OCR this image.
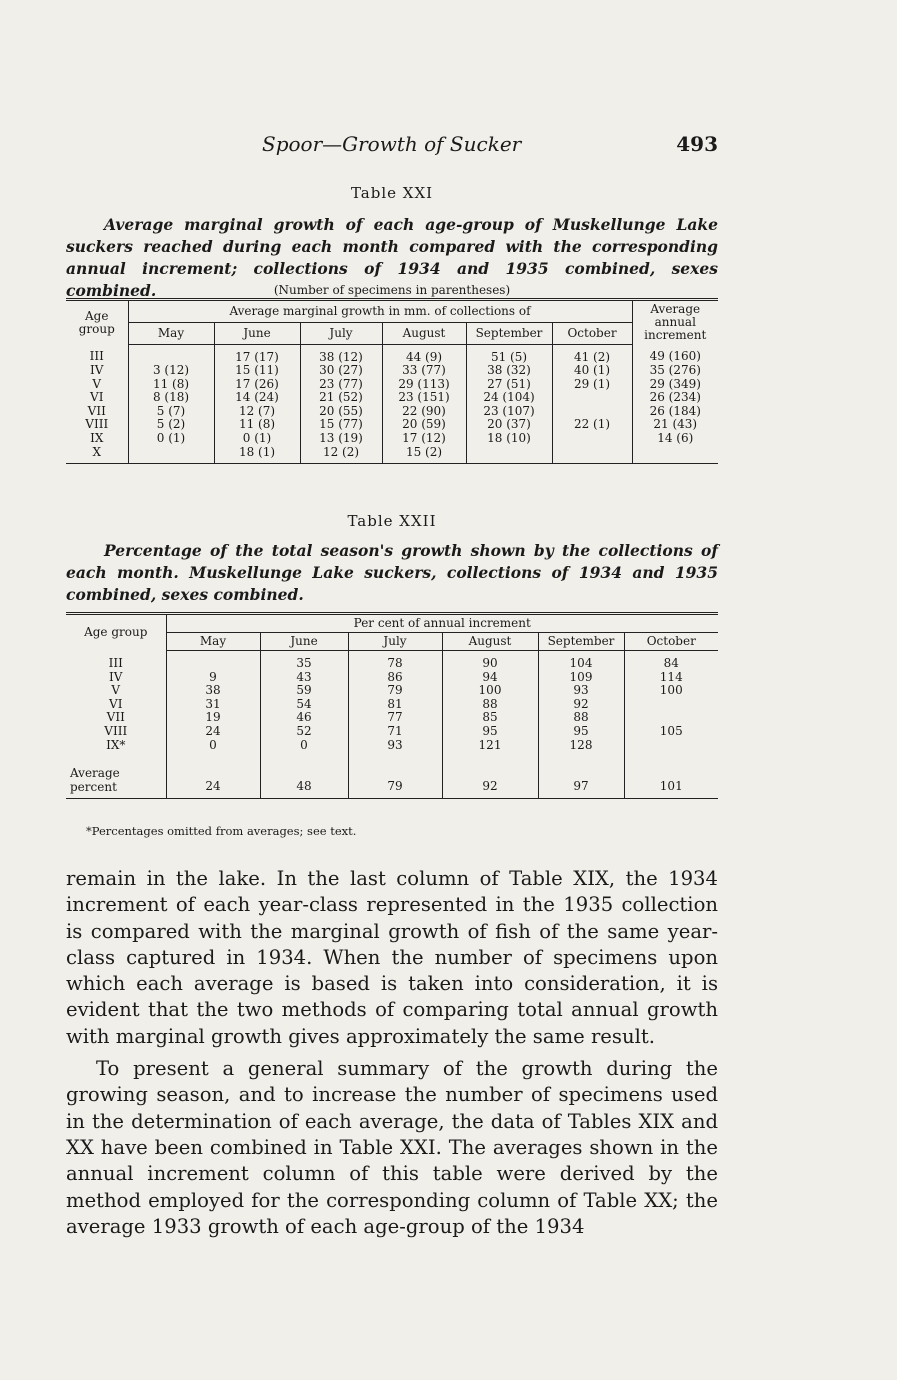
Spoor—Growth of Sucker	493
Table XXI
Average marginal growth of each age-group of Muskellunge Lake suckers reached during each month compared with the corresponding annual increment; collections of 1934 and 1935 combined, sexes combined.	(Number of specimens in parentheses)
Age group	Average marginal growth in mm. of collections of						Average annual increment
	May	June	July	August	September	October	
III		17 (17)	38 (12)	44 (9)	51 (5)	41 (2)	49 (160)
IV	3 (12)	15 (11)	30 (27)	33 (77)	38 (32)	40 (1)	35 (276)
V	11 (8)	17 (26)	23 (77)	29 (113)	27 (51)	29 (1)	29 (349)
VI	8 (18)	14 (24)	21 (52)	23 (151)	24 (104)		26 (234)
VII	5 (7)	12 (7)	20 (55)	22 (90)	23 (107)		26 (184)
VIII	5 (2)	11 (8)	15 (77)	20 (59)	20 (37)	22 (1)	21 (43)
IX	0 (1)	0 (1)	13 (19)	17 (12)	18 (10)		14 (6)
X		18 (1)	12 (2)	15 (2)			
Table XXII
Percentage of the total season's growth shown by the collections of each month. Muskellunge Lake suckers, collections of 1934 and 1935 combined, sexes combined.
Age group	Per cent of annual increment					
	May	June	July	August	September	October
III		35	78	90	104	84
IV	9	43	86	94	109	114
V	38	59	79	100	93	100
VI	31	54	81	88	92	
VII	19	46	77	85	88	
VIII	24	52	71	95	95	105
IX*	0	0	93	121	128	
Average percent	24	48	79	92	97	101
*Percentages omitted from averages; see text.

remain in the lake. In the last column of Table XIX, the 1934 increment of each year-class represented in the 1935 collection is compared with the marginal growth of fish of the same year-class captured in 1934. When the number of specimens upon which each average is based is taken into consideration, it is evident that the two methods of comparing total annual growth with marginal growth gives approximately the same result.

To present a general summary of the growth during the growing season, and to increase the number of specimens used in the determination of each average, the data of Tables XIX and XX have been combined in Table XXI. The averages shown in the annual increment column of this table were derived by the method employed for the corresponding column of Table XX; the average 1933 growth of each age-group of the 1934
